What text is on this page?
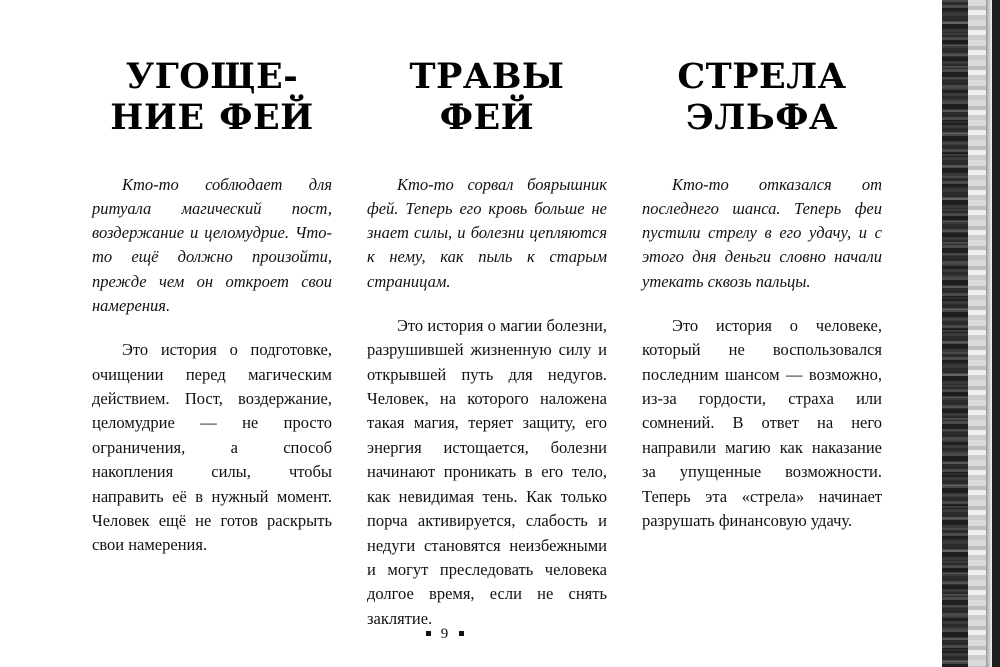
УГОЩЕ-НИЕ ФЕЙ

Кто-то соблюдает для ритуала магический пост, воздержание и целомудрие. Что-то ещё должно произойти, прежде чем он откроет свои намерения.

Это история о подготовке, очищении перед магическим действием. Пост, воздержание, целомудрие — не просто ограничения, а способ накопления силы, чтобы направить её в нужный момент. Человек ещё не готов раскрыть свои намерения.

ТРАВЫ ФЕЙ

Кто-то сорвал боярышник фей. Теперь его кровь больше не знает силы, и болезни цепляются к нему, как пыль к старым страницам.

Это история о магии болезни, разрушившей жизненную силу и открывшей путь для недугов. Человек, на которого наложена такая магия, теряет защиту, его энергия истощается, болезни начинают проникать в его тело, как невидимая тень. Как только порча активируется, слабость и недуги становятся неизбежными и могут преследовать человека долгое время, если не снять заклятие.

СТРЕЛА ЭЛЬФА

Кто-то отказался от последнего шанса. Теперь феи пустили стрелу в его удачу, и с этого дня деньги словно начали утекать сквозь пальцы.

Это история о человеке, который не воспользовался последним шансом — возможно, из-за гордости, страха или сомнений. В ответ на него направили магию как наказание за упущенные возможности. Теперь эта «стрела» начинает разрушать финансовую удачу.

9
